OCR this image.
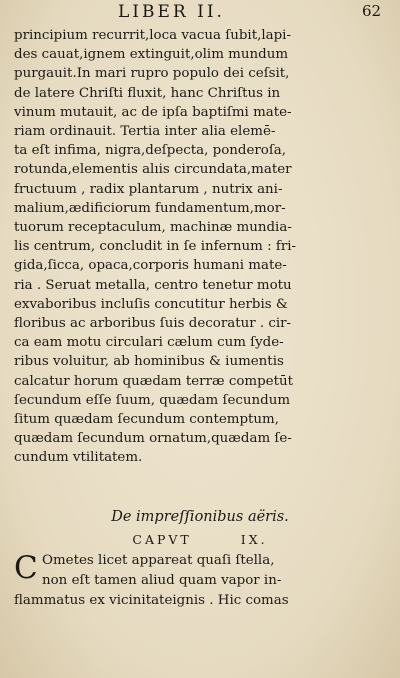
LIBER II.	62
principium recurrit,loca vacua ſubit,lapi-
des cauat,ignem extinguit,olim mundum
purgauit.In mari rupro populo dei ceſsit,
de latere Chriſti fluxit, hanc Chriſtus in
vinum mutauit, ac de ipſa baptiſmi mate-
riam ordinauit. Tertia inter alia elemē-
ta eſt infima, nigra,deſpecta, ponderoſa,
rotunda,elementis alıis circundata,mater
fructuum , radix plantarum , nutrix ani-
malium,ædificiorum fundamentum,mor-
tuorum receptaculum, machinæ mundia-
lis centrum, concludit in ſe infernum : fri-
gida,ſicca, opaca,corporis humani mate-
ria . Seruat metalla, centro tenetur motu
exvaboribus incluſis concutitur herbis &
floribus ac arboribus ſuis decoratur . cir-
ca eam motu circulari cælum cum ſyde-
ribus voluitur, ab hominibus & iumentis
calcatur horum quædam terræ competūt
ſecundum eſſe ſuum, quædam ſecundum
ſitum quædam ſecundum contemptum,
quædam ſecundum ornatum,quædam ſe-
cundum vtilitatem.
De impreſſionibus aëris.
CAPVT	IX.
C Ometes licet appareat quaſi ſtella,
non eſt tamen aliud quam vapor in-
flammatus ex vicinitateignis . Hic comas
